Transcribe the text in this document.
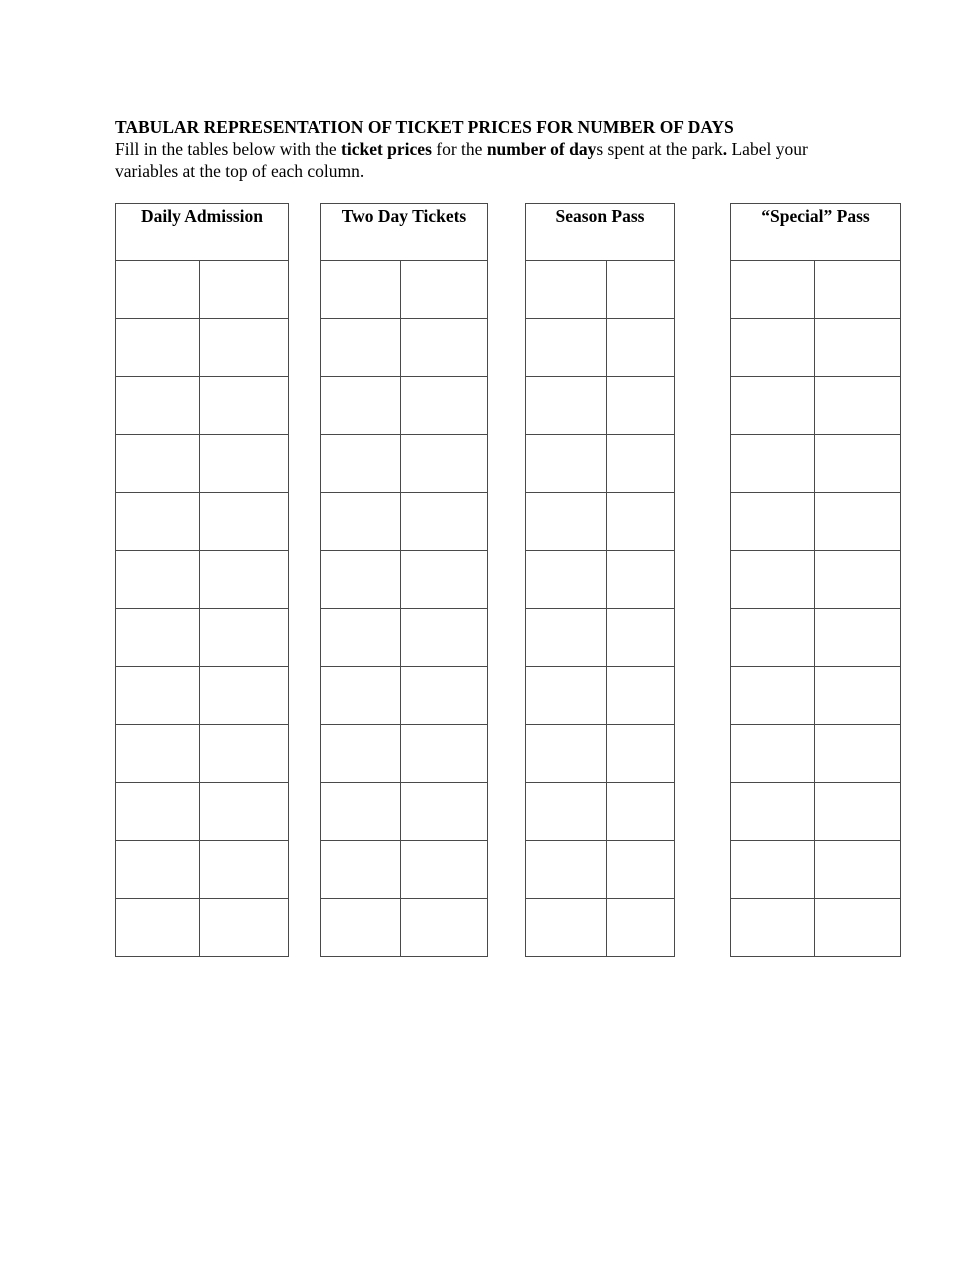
TABULAR REPRESENTATION OF TICKET PRICES FOR NUMBER OF DAYS
Fill in the tables below with the ticket prices for the number of days spent at the park. Label your variables at the top of each column.
Daily Admission	

		Two Day Tickets	

		Season Pass	

		“Special” Pass	
